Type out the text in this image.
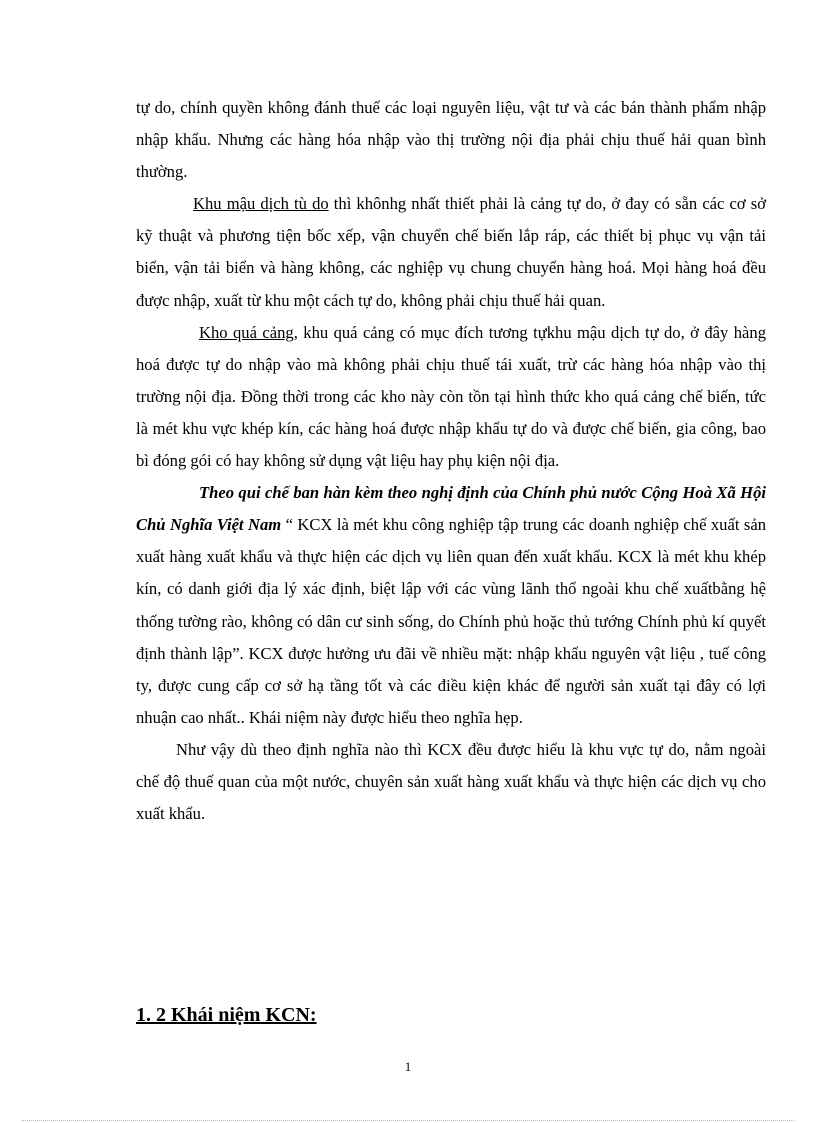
tự do, chính quyền không đánh thuế các loại nguyên liệu, vật tư và các bán thành phẩm nhập nhập khẩu. Nhưng các hàng hóa nhập vào thị trường nội địa phải chịu thuế hải quan bình thường.

Khu mậu dịch tù do thì khônhg nhất thiết phải là cảng tự do, ở đay có sẵn các cơ sở kỹ thuật và phương tiện bốc xếp, vận chuyển chế biến lắp ráp, các thiết bị phục vụ vận tải biển, vận tải biển và hàng không, các nghiệp vụ chung chuyển hàng hoá. Mọi hàng hoá đều được nhập, xuất từ khu một cách tự do, không phải chịu thuế hải quan.

Kho quá cảng, khu quá cảng có mục đích tương tựkhu mậu dịch tự do, ở đây hàng hoá được tự do nhập vào mà không phải chịu thuế tái xuất, trừ các hàng hóa nhập vào thị trường nội địa. Đồng thời trong các kho này còn tồn tại hình thức kho quá cảng chế biến, tức là mét khu vực khép kín, các hàng hoá được nhập khẩu tự do và được chế biến, gia công, bao bì đóng gói có hay không sử dụng vật liệu hay phụ kiện nội địa.

Theo qui chế ban hàn kèm theo nghị định của Chính phủ nước Cộng Hoà Xã Hội Chủ Nghĩa Việt Nam “ KCX là mét khu công nghiệp tập trung các doanh nghiệp chế xuất sản xuất hàng xuất khẩu và thực hiện các dịch vụ liên quan đến xuất khẩu. KCX là mét khu khép kín, có danh giới địa lý xác định, biệt lập với các vùng lãnh thổ ngoài khu chế xuấtbằng hệ thống tường rào, không có dân cư sinh sống, do Chính phủ hoặc thủ tướng Chính phủ kí quyết định thành lập”. KCX được hưởng ưu đãi về nhiều mặt: nhập khẩu nguyên vật liệu , tuế công ty, được cung cấp cơ sở hạ tầng tốt và các điều kiện khác để người sản xuất tại đây có lợi nhuận cao nhất.. Khái niệm này được hiểu theo nghĩa hẹp.

Như vậy dù theo định nghĩa nào thì KCX đều được hiểu là khu vực tự do, nằm ngoài chế độ thuế quan của một nước, chuyên sản xuất hàng xuất khẩu và thực hiện các dịch vụ cho xuất khẩu.

1. 2 Khái niệm KCN:
1
